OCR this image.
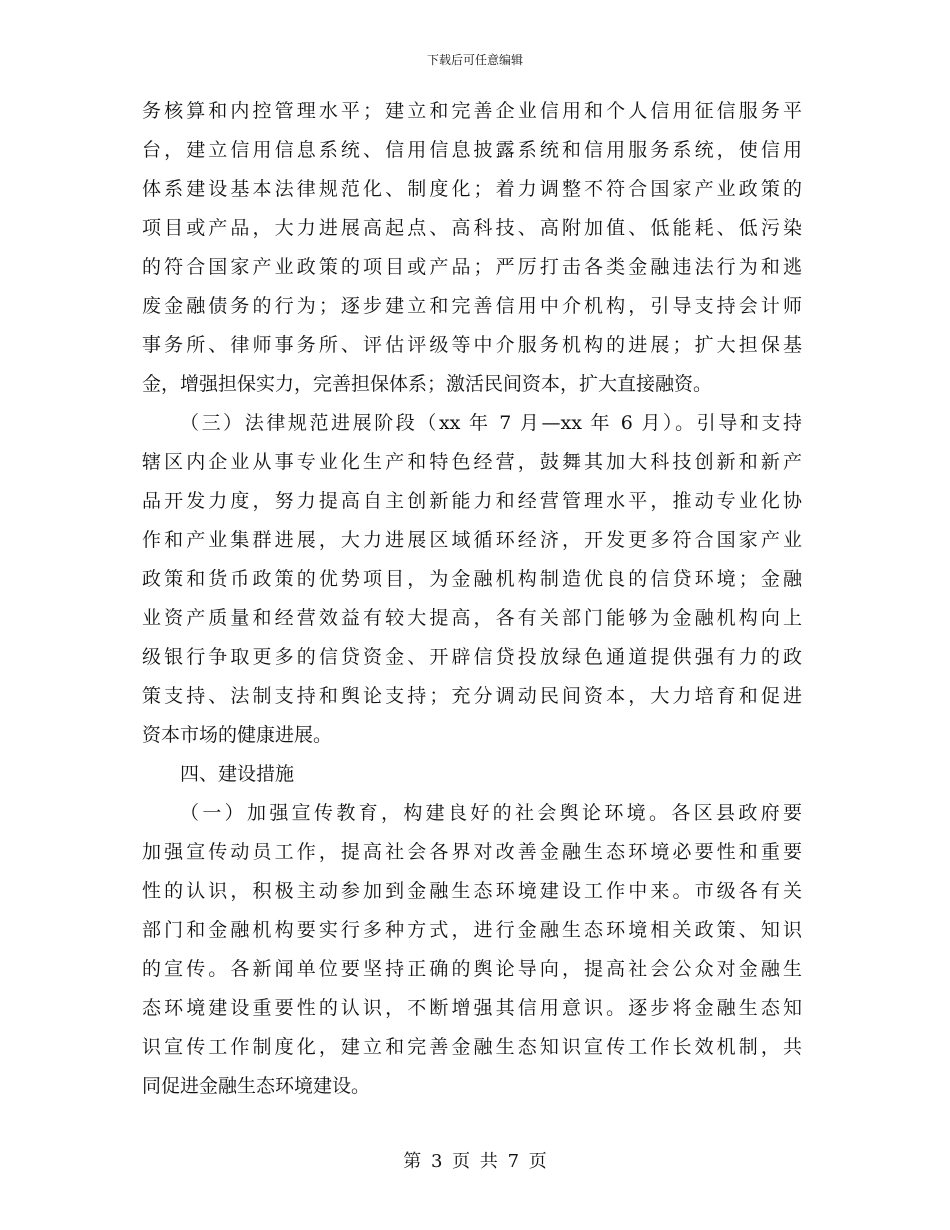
下载后可任意编辑
务核算和内控管理水平；建立和完善企业信用和个人信用征信服务平
台，建立信用信息系统、信用信息披露系统和信用服务系统，使信用
体系建设基本法律规范化、制度化；着力调整不符合国家产业政策的
项目或产品，大力进展高起点、高科技、高附加值、低能耗、低污染
的符合国家产业政策的项目或产品；严厉打击各类金融违法行为和逃
废金融债务的行为；逐步建立和完善信用中介机构，引导支持会计师
事务所、律师事务所、评估评级等中介服务机构的进展；扩大担保基
金，增强担保实力，完善担保体系；激活民间资本，扩大直接融资。
（三）法律规范进展阶段（xx 年 7 月—xx 年 6 月）。引导和支持
辖区内企业从事专业化生产和特色经营，鼓舞其加大科技创新和新产
品开发力度，努力提高自主创新能力和经营管理水平，推动专业化协
作和产业集群进展，大力进展区域循环经济，开发更多符合国家产业
政策和货币政策的优势项目，为金融机构制造优良的信贷环境；金融
业资产质量和经营效益有较大提高，各有关部门能够为金融机构向上
级银行争取更多的信贷资金、开辟信贷投放绿色通道提供强有力的政
策支持、法制支持和舆论支持；充分调动民间资本，大力培育和促进
资本市场的健康进展。
四、建设措施
（一）加强宣传教育，构建良好的社会舆论环境。各区县政府要
加强宣传动员工作，提高社会各界对改善金融生态环境必要性和重要
性的认识，积极主动参加到金融生态环境建设工作中来。市级各有关
部门和金融机构要实行多种方式，进行金融生态环境相关政策、知识
的宣传。各新闻单位要坚持正确的舆论导向，提高社会公众对金融生
态环境建设重要性的认识，不断增强其信用意识。逐步将金融生态知
识宣传工作制度化，建立和完善金融生态知识宣传工作长效机制，共
同促进金融生态环境建设。
第 3 页 共 7 页
